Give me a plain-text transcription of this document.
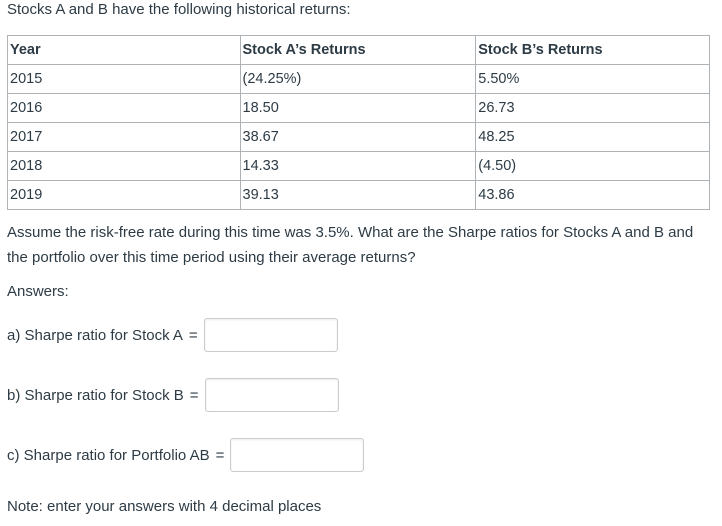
Stocks A and B have the following historical returns:
Year	Stock A’s Returns	Stock B’s Returns
2015	(24.25%)	5.50%
2016	18.50	26.73
2017	38.67	48.25
2018	14.33	(4.50)
2019	39.13	43.86
Assume the risk-free rate during this time was 3.5%. What are the Sharpe ratios for Stocks A and B and the portfolio over this time period using their average returns?
Answers:
a) Sharpe ratio for Stock A =
b) Sharpe ratio for Stock B =
c) Sharpe ratio for Portfolio AB =
Note: enter your answers with 4 decimal places
